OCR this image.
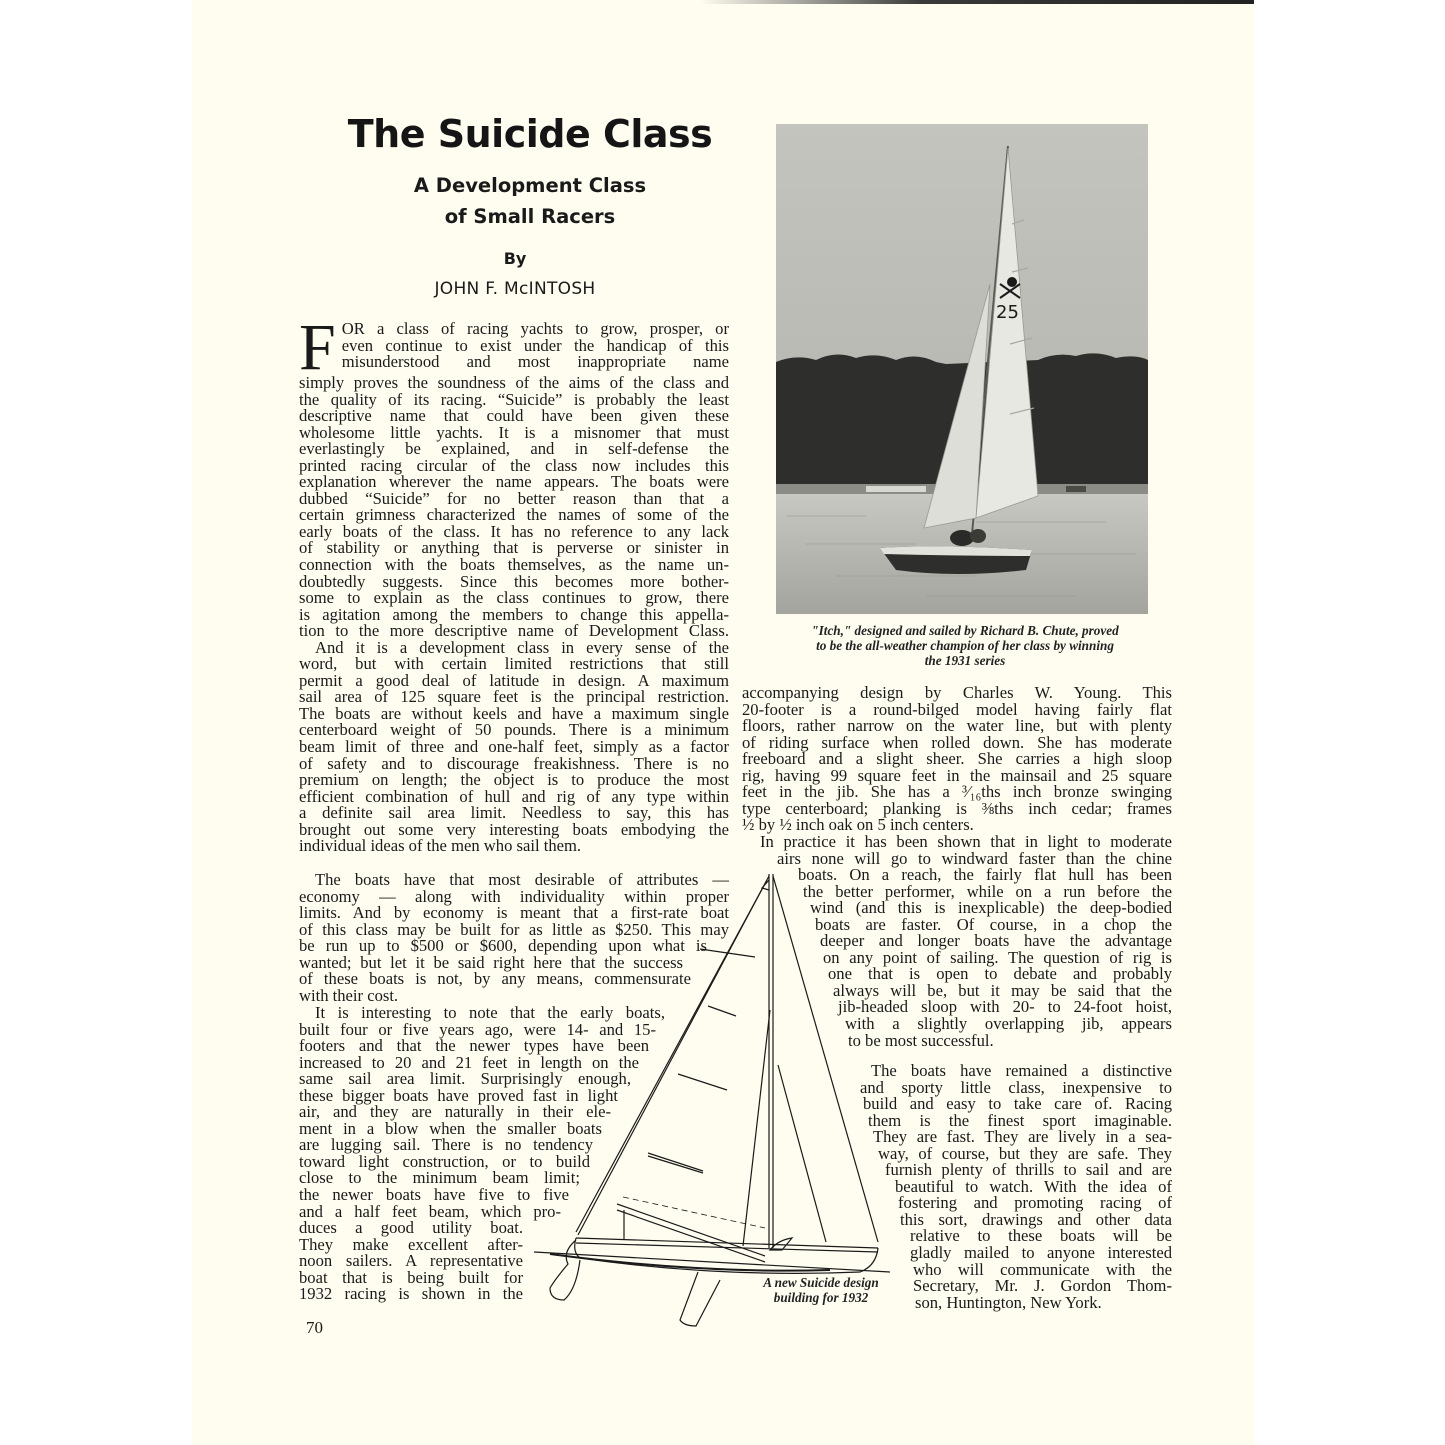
The Suicide Class
A Development Class
of Small Racers
By
JOHN F. McINTOSH

F OR a class of racing yachts to grow, prosper, or
even continue to exist under the handicap of this
misunderstood and most inappropriate name
simply proves the soundness of the aims of the class and
the quality of its racing. “Suicide” is probably the least
descriptive name that could have been given these
wholesome little yachts. It is a misnomer that must
everlastingly be explained, and in self-defense the
printed racing circular of the class now includes this
explanation wherever the name appears. The boats were
dubbed “Suicide” for no better reason than that a
certain grimness characterized the names of some of the
early boats of the class. It has no reference to any lack
of stability or anything that is perverse or sinister in
connection with the boats themselves, as the name un-
doubtedly suggests. Since this becomes more bother-
some to explain as the class continues to grow, there
is agitation among the members to change this appella-
tion to the more descriptive name of Development Class.

And it is a development class in every sense of the
word, but with certain limited restrictions that still
permit a good deal of latitude in design. A maximum
sail area of 125 square feet is the principal restriction.
The boats are without keels and have a maximum single
centerboard weight of 50 pounds. There is a minimum
beam limit of three and one-half feet, simply as a factor
of safety and to discourage freakishness. There is no
premium on length; the object is to produce the most
efficient combination of hull and rig of any type within
a definite sail area limit. Needless to say, this has
brought out some very interesting boats embodying the
individual ideas of the men who sail them.

The boats have that most desirable of attributes —
economy — along with individuality within proper
limits. And by economy is meant that a first-rate boat
of this class may be built for as little as $250. This may
be run up to $500 or $600, depending upon what is
wanted; but let it be said right here that the success
of these boats is not, by any means, commensurate
with their cost.
It is interesting to note that the early boats,
built four or five years ago, were 14- and 15-
footers and that the newer types have been
increased to 20 and 21 feet in length on the
same sail area limit. Surprisingly enough,
these bigger boats have proved fast in light
air, and they are naturally in their ele-
ment in a blow when the smaller boats
are lugging sail. There is no tendency
toward light construction, or to build
close to the minimum beam limit;
the newer boats have five to five
and a half feet beam, which pro-
duces a good utility boat.
They make excellent after-
noon sailers. A representative
boat that is being built for
1932 racing is shown in the
70
25
"Itch," designed and sailed by Richard B. Chute, proved
to be the all-weather champion of her class by winning
the 1931 series
accompanying design by Charles W. Young. This
20-footer is a round-bilged model having fairly flat
floors, rather narrow on the water line, but with plenty
of riding surface when rolled down. She has moderate
freeboard and a slight sheer. She carries a high sloop
rig, having 99 square feet in the mainsail and 25 square
feet in the jib. She has a ³⁄₁₆ths inch bronze swinging
type centerboard; planking is ⅜ths inch cedar; frames
½ by ½ inch oak on 5 inch centers.
In practice it has been shown that in light to moderate
airs none will go to windward faster than the chine
boats. On a reach, the fairly flat hull has been
the better performer, while on a run before the
wind (and this is inexplicable) the deep-bodied
boats are faster. Of course, in a chop the
deeper and longer boats have the advantage
on any point of sailing. The question of rig is
one that is open to debate and probably
always will be, but it may be said that the
jib-headed sloop with 20- to 24-foot hoist,
with a slightly overlapping jib, appears
to be most successful.
The boats have remained a distinctive
and sporty little class, inexpensive to
build and easy to take care of. Racing
them is the finest sport imaginable.
They are fast. They are lively in a sea-
way, of course, but they are safe. They
furnish plenty of thrills to sail and are
beautiful to watch. With the idea of
fostering and promoting racing of
this sort, drawings and other data
relative to these boats will be
gladly mailed to anyone interested
who will communicate with the
Secretary, Mr. J. Gordon Thom-
son, Huntington, New York.
A new Suicide design
building for 1932
